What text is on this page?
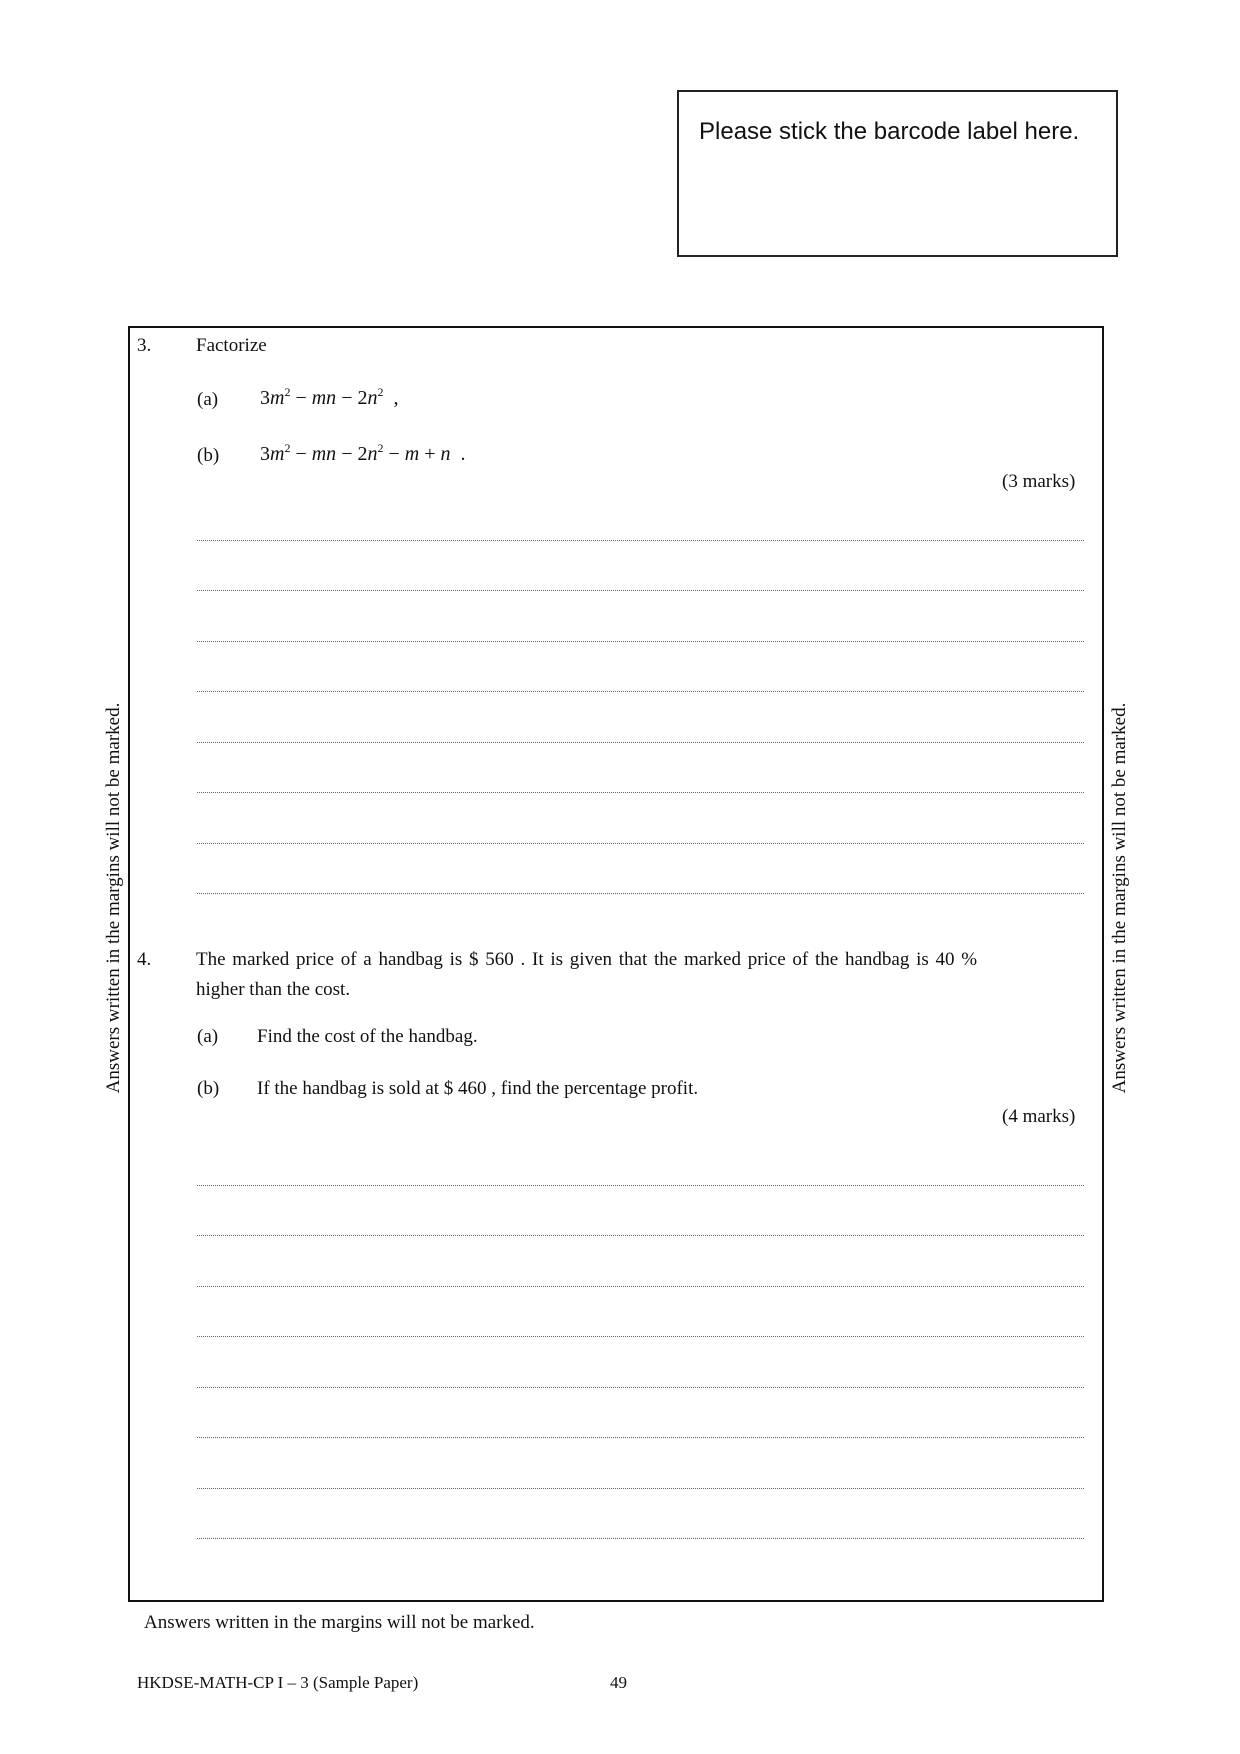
Please stick the barcode label here.
Answers written in the margins will not be marked.	Answers written in the margins will not be marked.
3. Factorize
(a) $3m^2$ − mn − $2n^2$  ,
(b) $3m^2$ − mn − $2n^2 - m + n$  .
(3 marks)
4. The marked price of a handbag is $ 560 . It is given that the marked price of the handbag is 40 %
higher than the cost.
(a) Find the cost of the handbag.
(b) If the handbag is sold at $ 460 , find the percentage profit.
(4 marks)
Answers written in the margins will not be marked.
HKDSE-MATH-CP I – 3 (Sample Paper)	49
